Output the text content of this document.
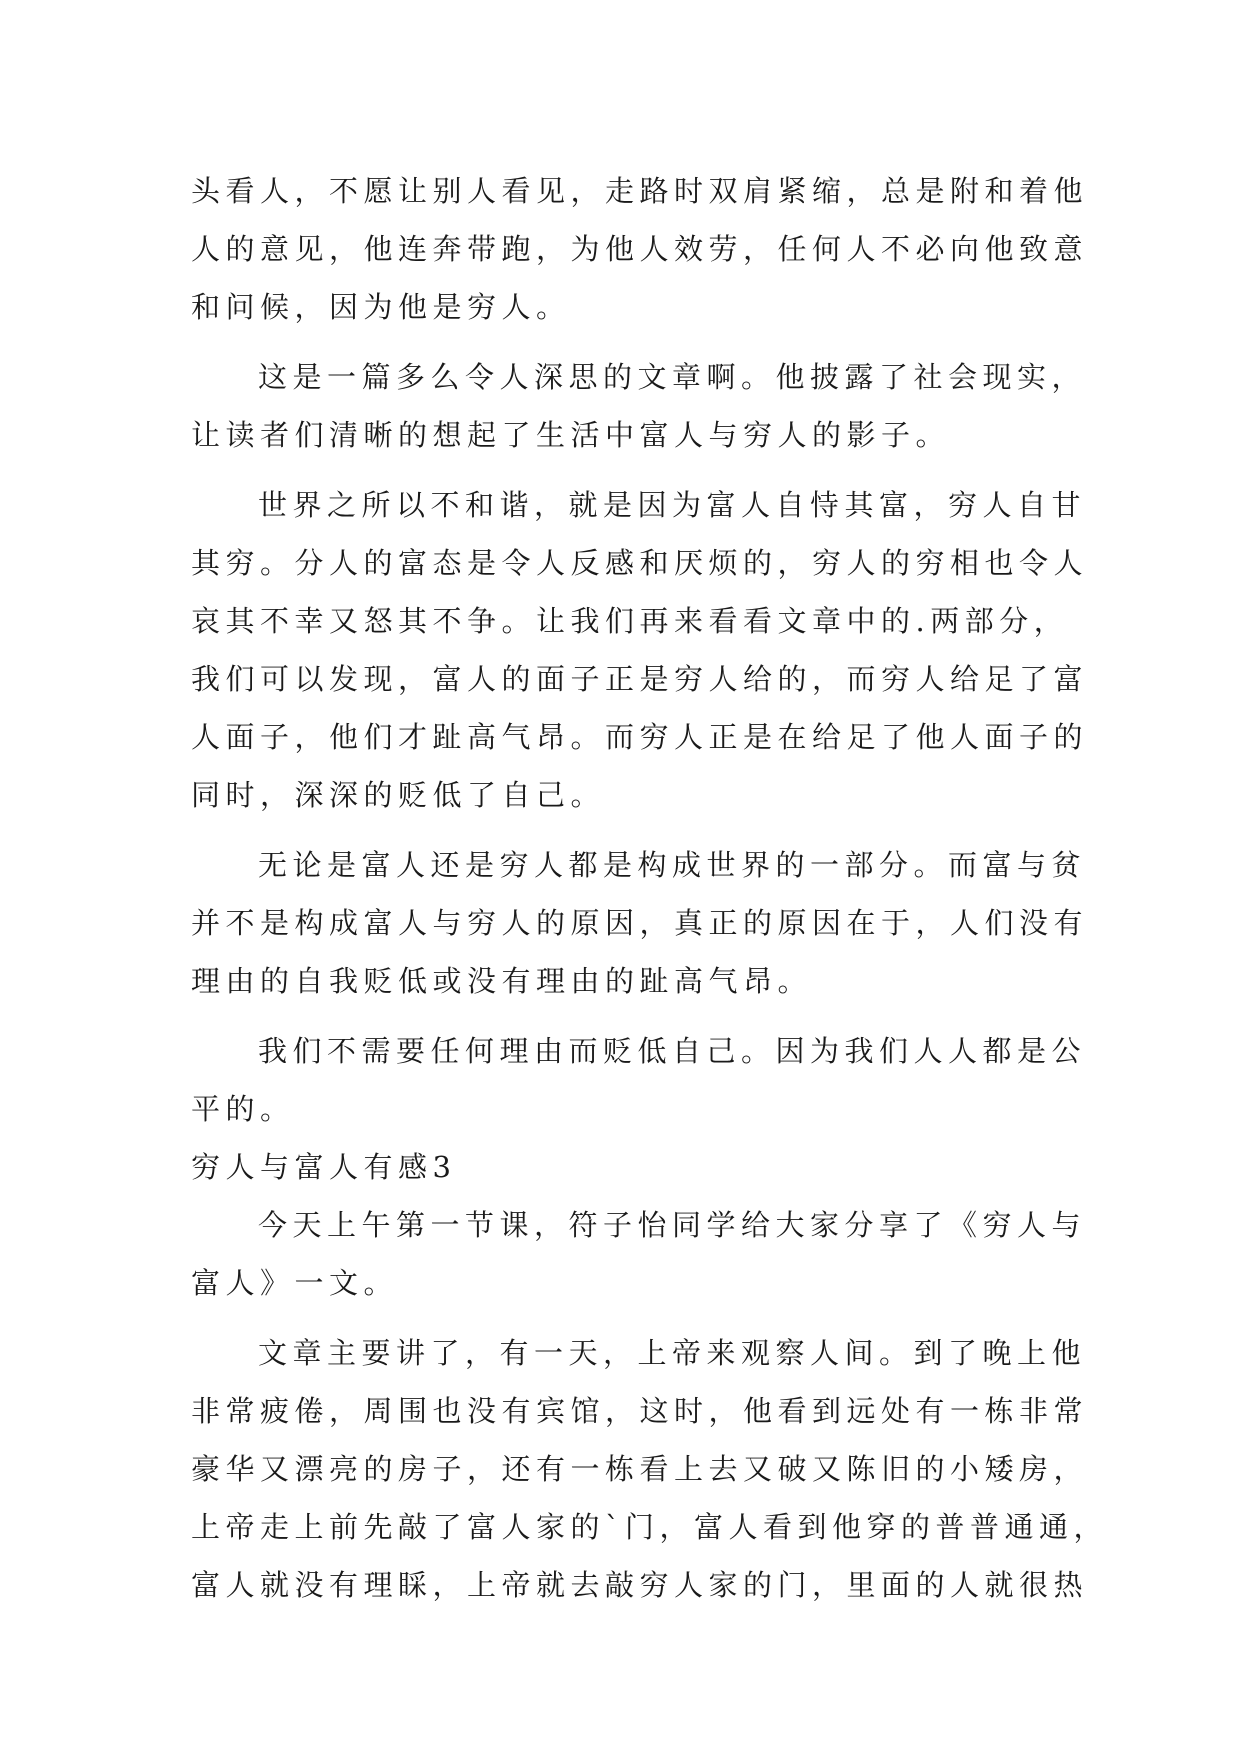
头看人，不愿让别人看见，走路时双肩紧缩，总是附和着他
人的意见，他连奔带跑，为他人效劳，任何人不必向他致意
和问候，因为他是穷人。
这是一篇多么令人深思的文章啊。他披露了社会现实，
让读者们清晰的想起了生活中富人与穷人的影子。
世界之所以不和谐，就是因为富人自恃其富，穷人自甘
其穷。分人的富态是令人反感和厌烦的，穷人的穷相也令人
哀其不幸又怒其不争。让我们再来看看文章中的.两部分，
我们可以发现，富人的面子正是穷人给的，而穷人给足了富
人面子，他们才趾高气昂。而穷人正是在给足了他人面子的
同时，深深的贬低了自己。
无论是富人还是穷人都是构成世界的一部分。而富与贫
并不是构成富人与穷人的原因，真正的原因在于，人们没有
理由的自我贬低或没有理由的趾高气昂。
我们不需要任何理由而贬低自己。因为我们人人都是公
平的。
穷人与富人有感3
今天上午第一节课，符子怡同学给大家分享了《穷人与
富人》一文。
文章主要讲了，有一天，上帝来观察人间。到了晚上他
非常疲倦，周围也没有宾馆，这时，他看到远处有一栋非常
豪华又漂亮的房子，还有一栋看上去又破又陈旧的小矮房，
上帝走上前先敲了富人家的`门，富人看到他穿的普普通通，
富人就没有理睬，上帝就去敲穷人家的门，里面的人就很热
